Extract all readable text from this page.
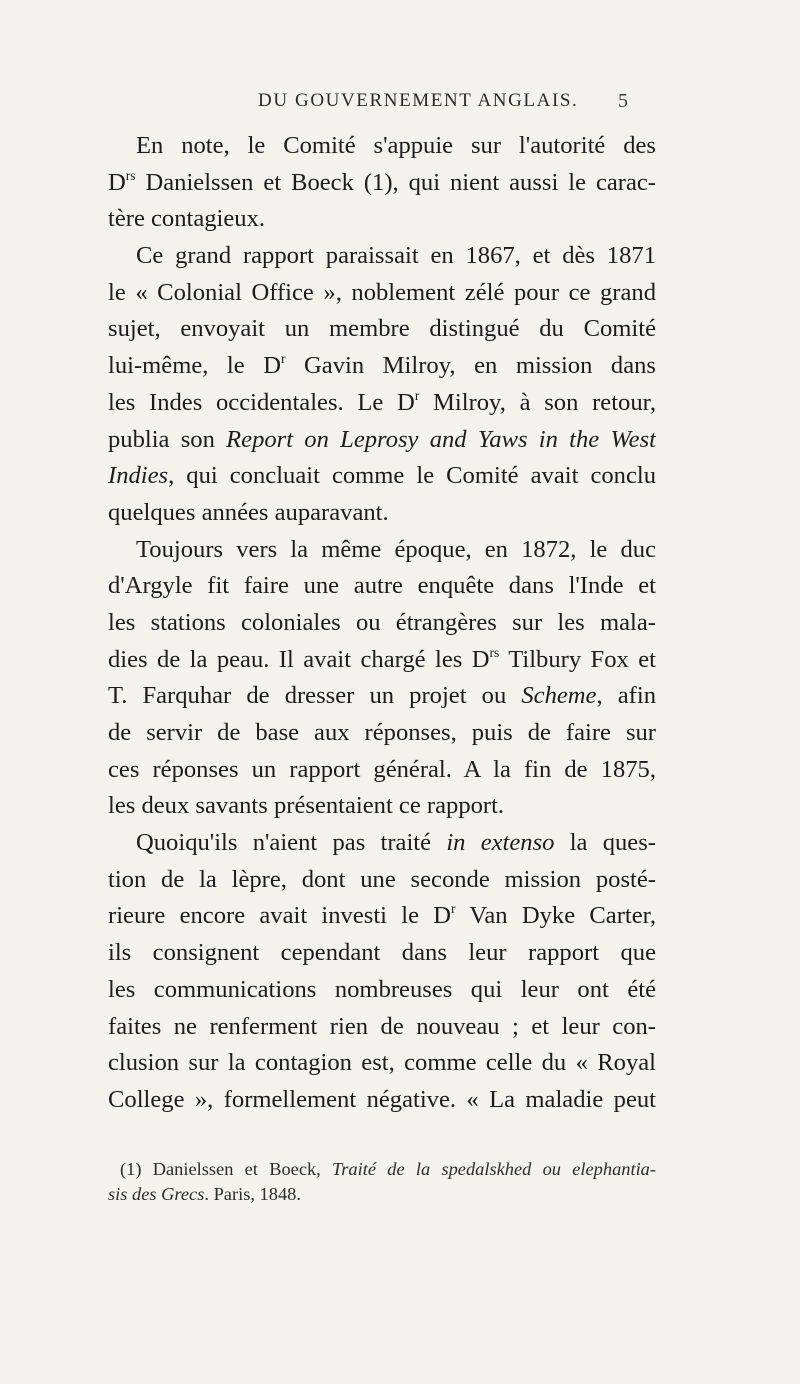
DU GOUVERNEMENT ANGLAIS. 5
En note, le Comité s'appuie sur l'autorité des
$D^{rs}$ Danielssen et Boeck (1), qui nient aussi le carac-
tère contagieux.
Ce grand rapport paraissait en 1867, et dès 1871
le « Colonial Office », noblement zélé pour ce grand
sujet, envoyait un membre distingué du Comité
lui-même, le $D^r$ Gavin Milroy, en mission dans
les Indes occidentales. Le $D^r$ Milroy, à son retour,
publia son Report on Leprosy and Yaws in the West
Indies, qui concluait comme le Comité avait conclu
quelques années auparavant.
Toujours vers la même époque, en 1872, le duc
d'Argyle fit faire une autre enquête dans l'Inde et
les stations coloniales ou étrangères sur les mala-
dies de la peau. Il avait chargé les $D^{rs}$ Tilbury Fox et
T. Farquhar de dresser un projet ou Scheme, afin
de servir de base aux réponses, puis de faire sur
ces réponses un rapport général. A la fin de 1875,
les deux savants présentaient ce rapport.
Quoiqu'ils n'aient pas traité in extenso la ques-
tion de la lèpre, dont une seconde mission posté-
rieure encore avait investi le $D^r$ Van Dyke Carter,
ils consignent cependant dans leur rapport que
les communications nombreuses qui leur ont été
faites ne renferment rien de nouveau ; et leur con-
clusion sur la contagion est, comme celle du « Royal
College », formellement négative. « La maladie peut
(1) Danielssen et Boeck, Traité de la spedalskhed ou elephantia-
sis des Grecs. Paris, 1848.
